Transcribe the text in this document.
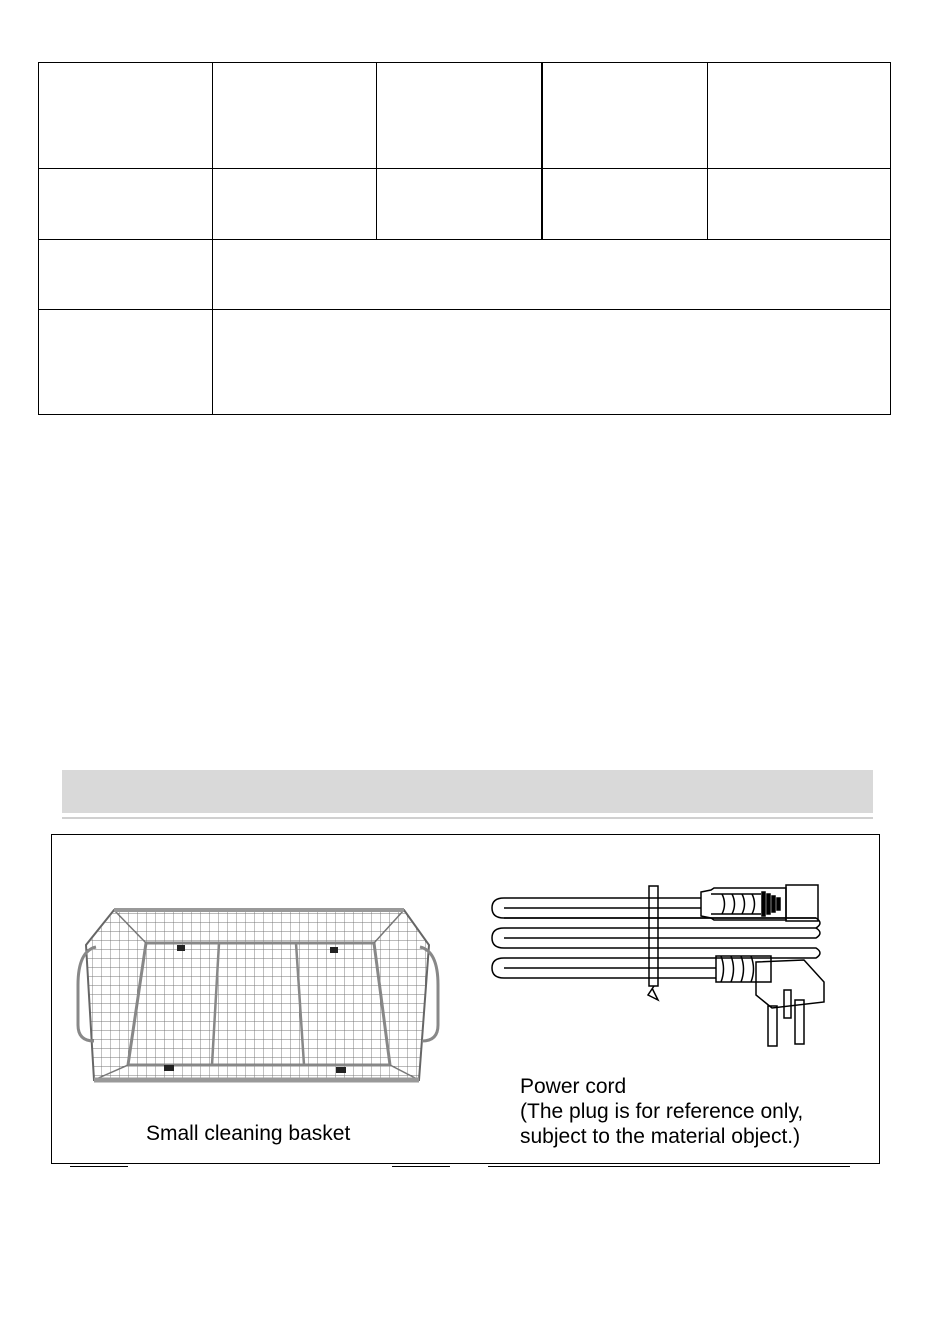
Small cleaning basket
Power cord
(The plug is for reference only,
subject to the material object.)
